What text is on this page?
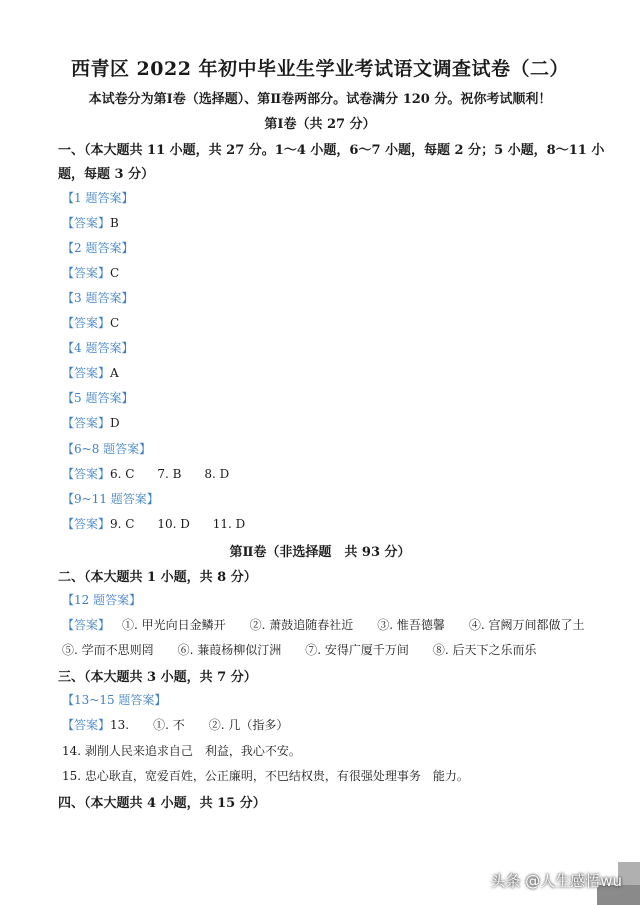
西青区 2022 年初中毕业生学业考试语文调查试卷（二）
本试卷分为第Ⅰ卷（选择题）、第Ⅱ卷两部分。试卷满分 120 分。祝你考试顺利！
第Ⅰ卷（共 27 分）
一、（本大题共 11 小题，共 27 分。1～4 小题，6～7 小题，每题 2 分；5 小题，8～11 小
题，每题 3 分）
【1 题答案】
【答案】B
【2 题答案】
【答案】C
【3 题答案】
【答案】C
【4 题答案】
【答案】A
【5 题答案】
【答案】D
【6~8 题答案】
【答案】6. C      7. B      8. D
【9~11 题答案】
【答案】9. C      10. D      11. D
第Ⅱ卷（非选择题　共 93 分）
二、（本大题共 1 小题，共 8 分）
【12 题答案】
【答案】 ①. 甲光向日金鳞开　　②. 萧鼓追随春社近　　③. 惟吾德馨　　④. 宫阙万间都做了土
⑤. 学而不思则罔　　⑥. 蒹葭杨柳似汀洲　　⑦. 安得广厦千万间　　⑧. 后天下之乐而乐
三、（本大题共 3 小题，共 7 分）
【13~15 题答案】
【答案】13.　　①. 不　　②. 几（指多）
14. 剥削人民来追求自己　利益，我心不安。
15. 忠心耿直，宽爱百姓，公正廉明，不巴结权贵，有很强处理事务　能力。
四、（本大题共 4 小题，共 15 分）
头条 @人生感悟wu
